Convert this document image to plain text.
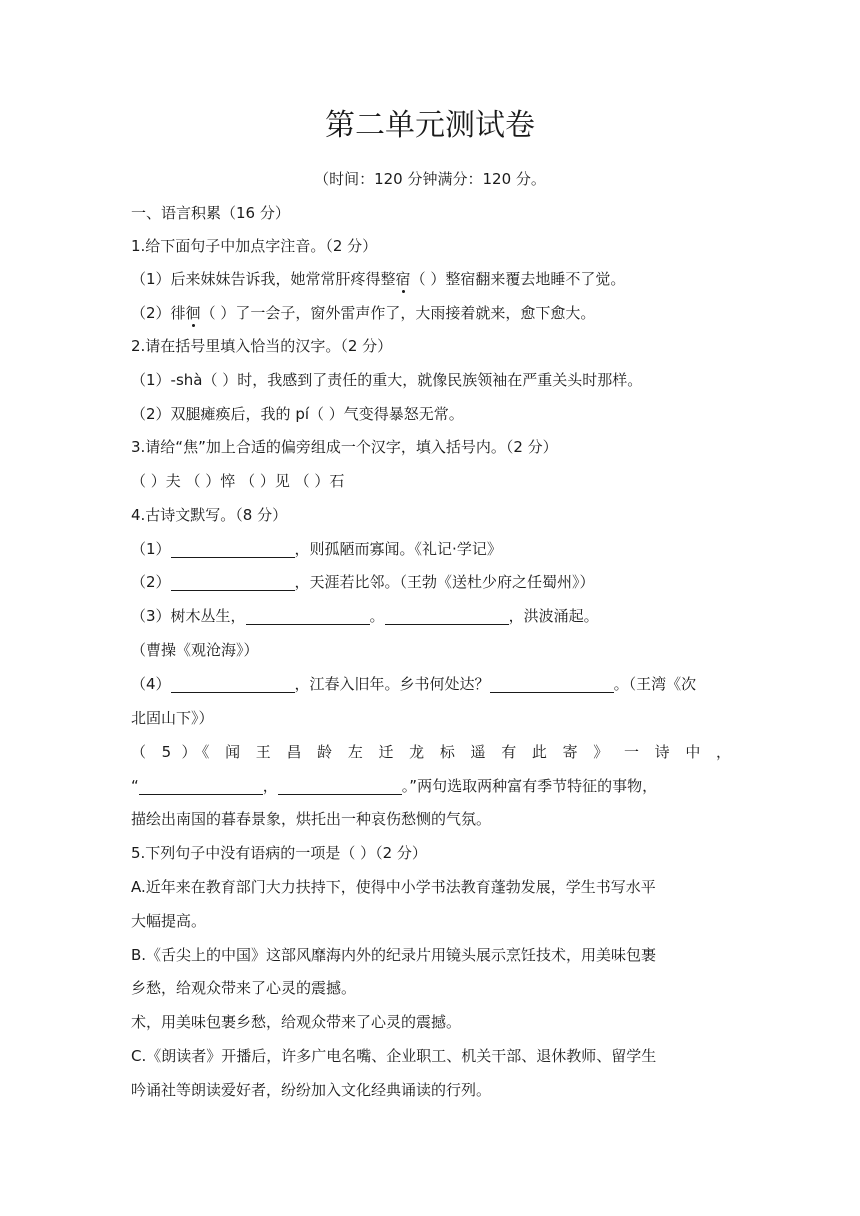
第二单元测试卷
（时间：120 分钟满分：120 分。
一、语言积累（16 分）
1.给下面句子中加点字注音。（2 分）
（1）后来妹妹告诉我，她常常肝疼得整宿（ ）整宿翻来覆去地睡不了觉。
（2）徘徊（ ）了一会子，窗外雷声作了，大雨接着就来，愈下愈大。
2.请在括号里填入恰当的汉字。（2 分）
（1）-shà（ ）时，我感到了责任的重大，就像民族领袖在严重关头时那样。
（2）双腿瘫痪后，我的 pí（ ）气变得暴怒无常。
3.请给“焦”加上合适的偏旁组成一个汉字，填入括号内。（2 分）
（ ）夫 （ ）悴 （ ）见 （ ）石
4.古诗文默写。（8 分）
（1）	，则孤陋而寡闻。《礼记·学记》
（2）	，天涯若比邻。（王勃《送杜少府之任蜀州》）
（3）树木丛生，	。	，洪波涌起。
（曹操《观沧海》）
（4）	，江春入旧年。乡书何处达？	。（王湾《次
北固山下》）
（ 5 ）《 闻 王 昌 龄 左 迁 龙 标 遥 有 此 寄 》 一 诗 中 ，
“	，	。”两句选取两种富有季节特征的事物，
描绘出南国的暮春景象，烘托出一种哀伤愁恻的气氛。
5.下列句子中没有语病的一项是（ ）（2 分）
A.近年来在教育部门大力扶持下，使得中小学书法教育蓬勃发展，学生书写水平
大幅提高。
B.《舌尖上的中国》这部风靡海内外的纪录片用镜头展示烹饪技术，用美味包裹
乡愁，给观众带来了心灵的震撼。
术，用美味包裹乡愁，给观众带来了心灵的震撼。
C.《朗读者》开播后，许多广电名嘴、企业职工、机关干部、退休教师、留学生
吟诵社等朗读爱好者，纷纷加入文化经典诵读的行列。
